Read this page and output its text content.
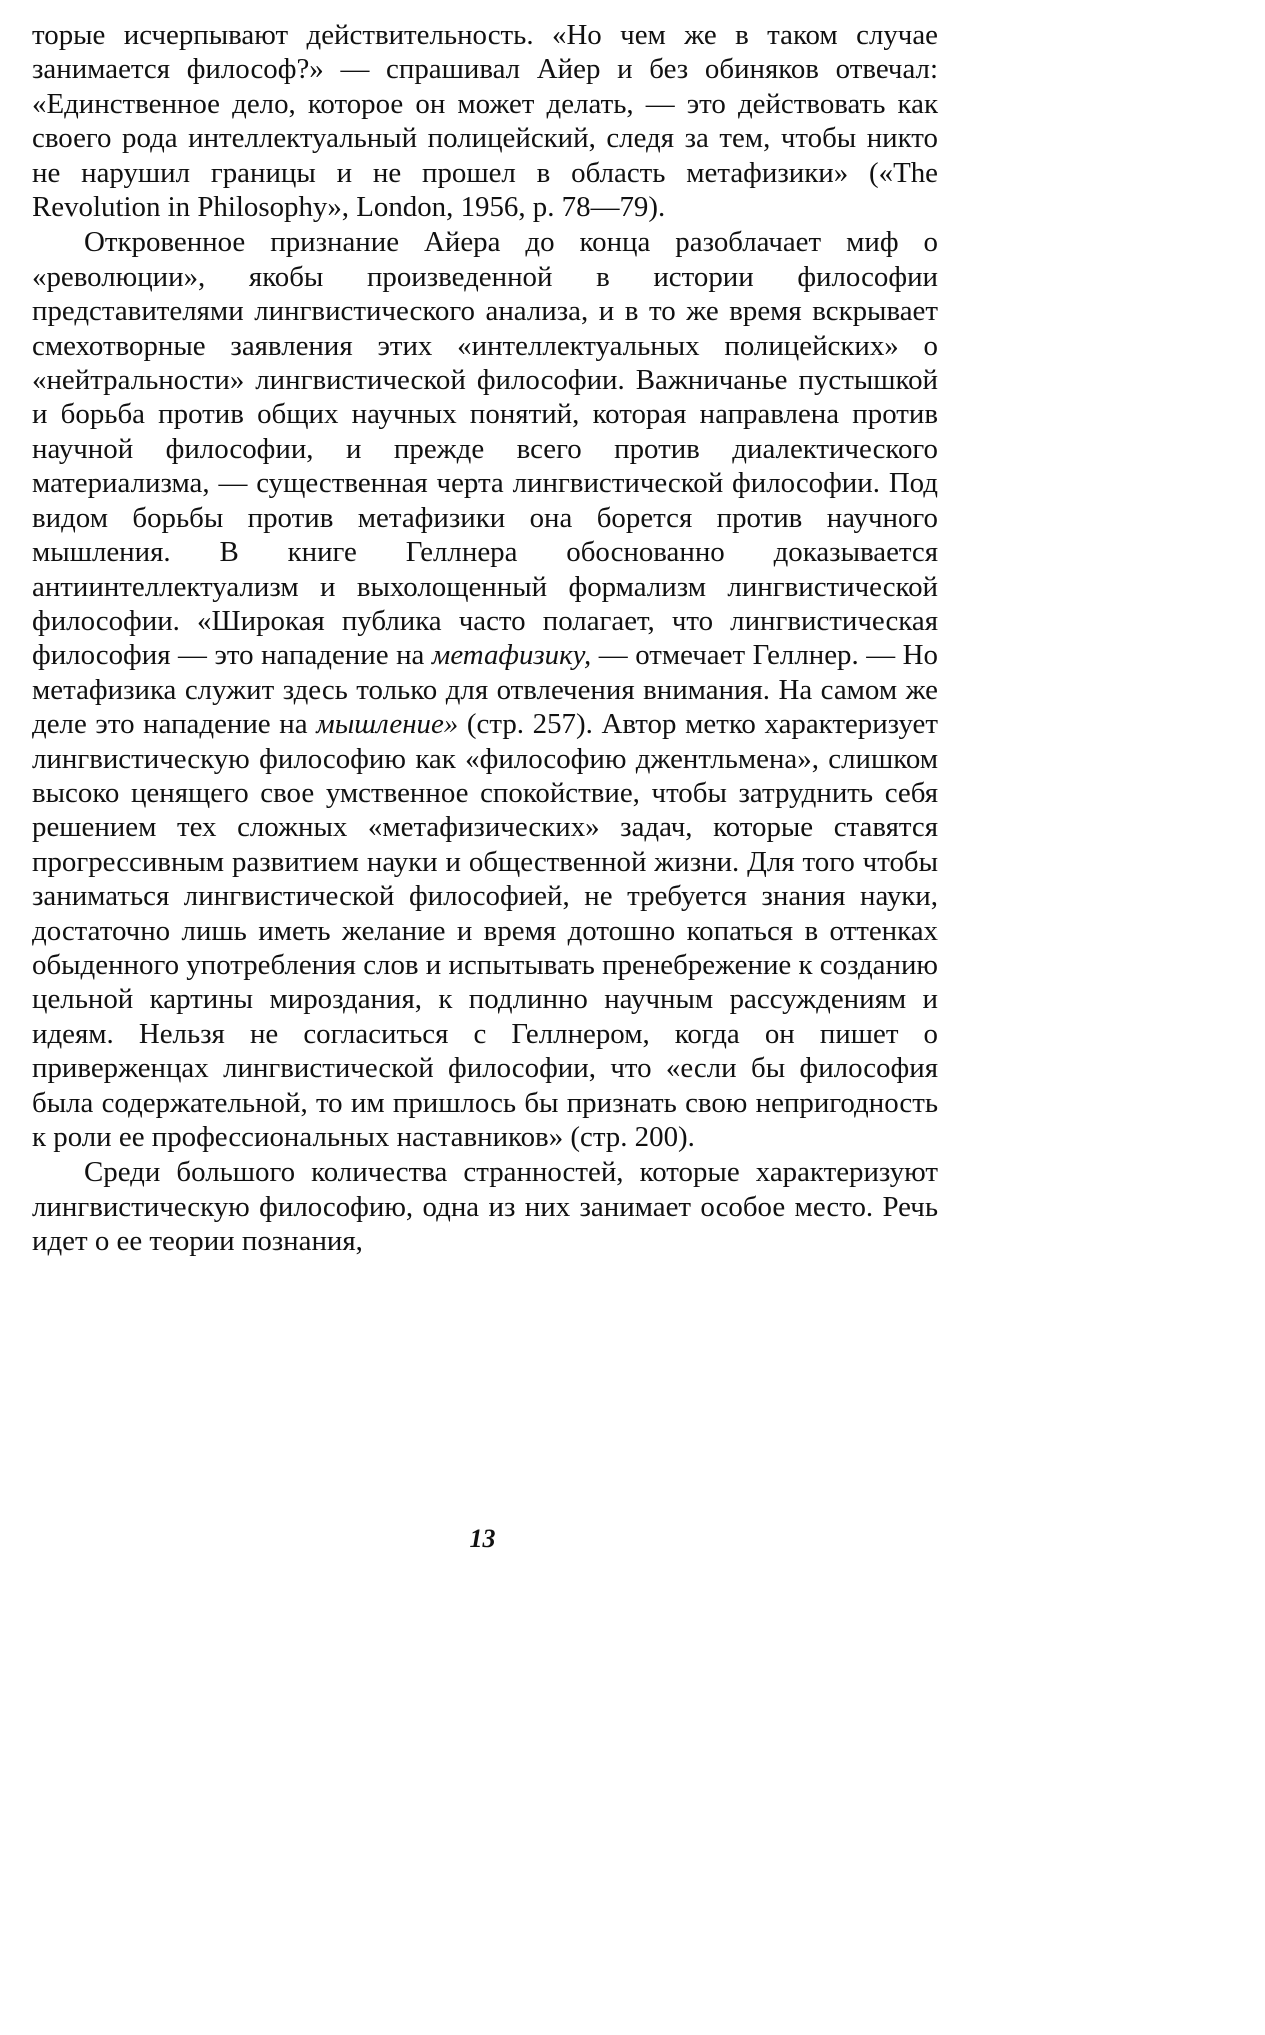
торые исчерпывают действительность. «Но чем же в таком случае занимается философ?» — спрашивал Айер и без обиняков отвечал: «Единственное дело, которое он может делать, — это действовать как своего рода интеллектуальный полицейский, следя за тем, чтобы никто не нарушил границы и не прошел в область метафизики» («The Revolution in Philosophy», London, 1956, р. 78—79).

Откровенное признание Айера до конца разоблачает миф о «революции», якобы произведенной в истории философии представителями лингвистического анализа, и в то же время вскрывает смехотворные заявления этих «интеллектуальных полицейских» о «нейтральности» лингвистической философии. Важничанье пустышкой и борьба против общих научных понятий, которая направлена против научной философии, и прежде всего против диалектического материализма, — существенная черта лингвистической философии. Под видом борьбы против метафизики она борется против научного мышления. В книге Геллнера обоснованно доказывается антиинтеллектуализм и выхолощенный формализм лингвистической философии. «Широкая публика часто полагает, что лингвистическая философия — это нападение на метафизику, — отмечает Геллнер. — Но метафизика служит здесь только для отвлечения внимания. На самом же деле это нападение на мышление» (стр. 257). Автор метко характеризует лингвистическую философию как «философию джентльмена», слишком высоко ценящего свое умственное спокойствие, чтобы затруднить себя решением тех сложных «метафизических» задач, которые ставятся прогрессивным развитием науки и общественной жизни. Для того чтобы заниматься лингвистической философией, не требуется знания науки, достаточно лишь иметь желание и время дотошно копаться в оттенках обыденного употребления слов и испытывать пренебрежение к созданию цельной картины мироздания, к подлинно научным рассуждениям и идеям. Нельзя не согласиться с Геллнером, когда он пишет о приверженцах лингвистической философии, что «если бы философия была содержательной, то им пришлось бы признать свою непригодность к роли ее профессиональных наставников» (стр. 200).

Среди большого количества странностей, которые характеризуют лингвистическую философию, одна из них занимает особое место. Речь идет о ее теории познания,

13
